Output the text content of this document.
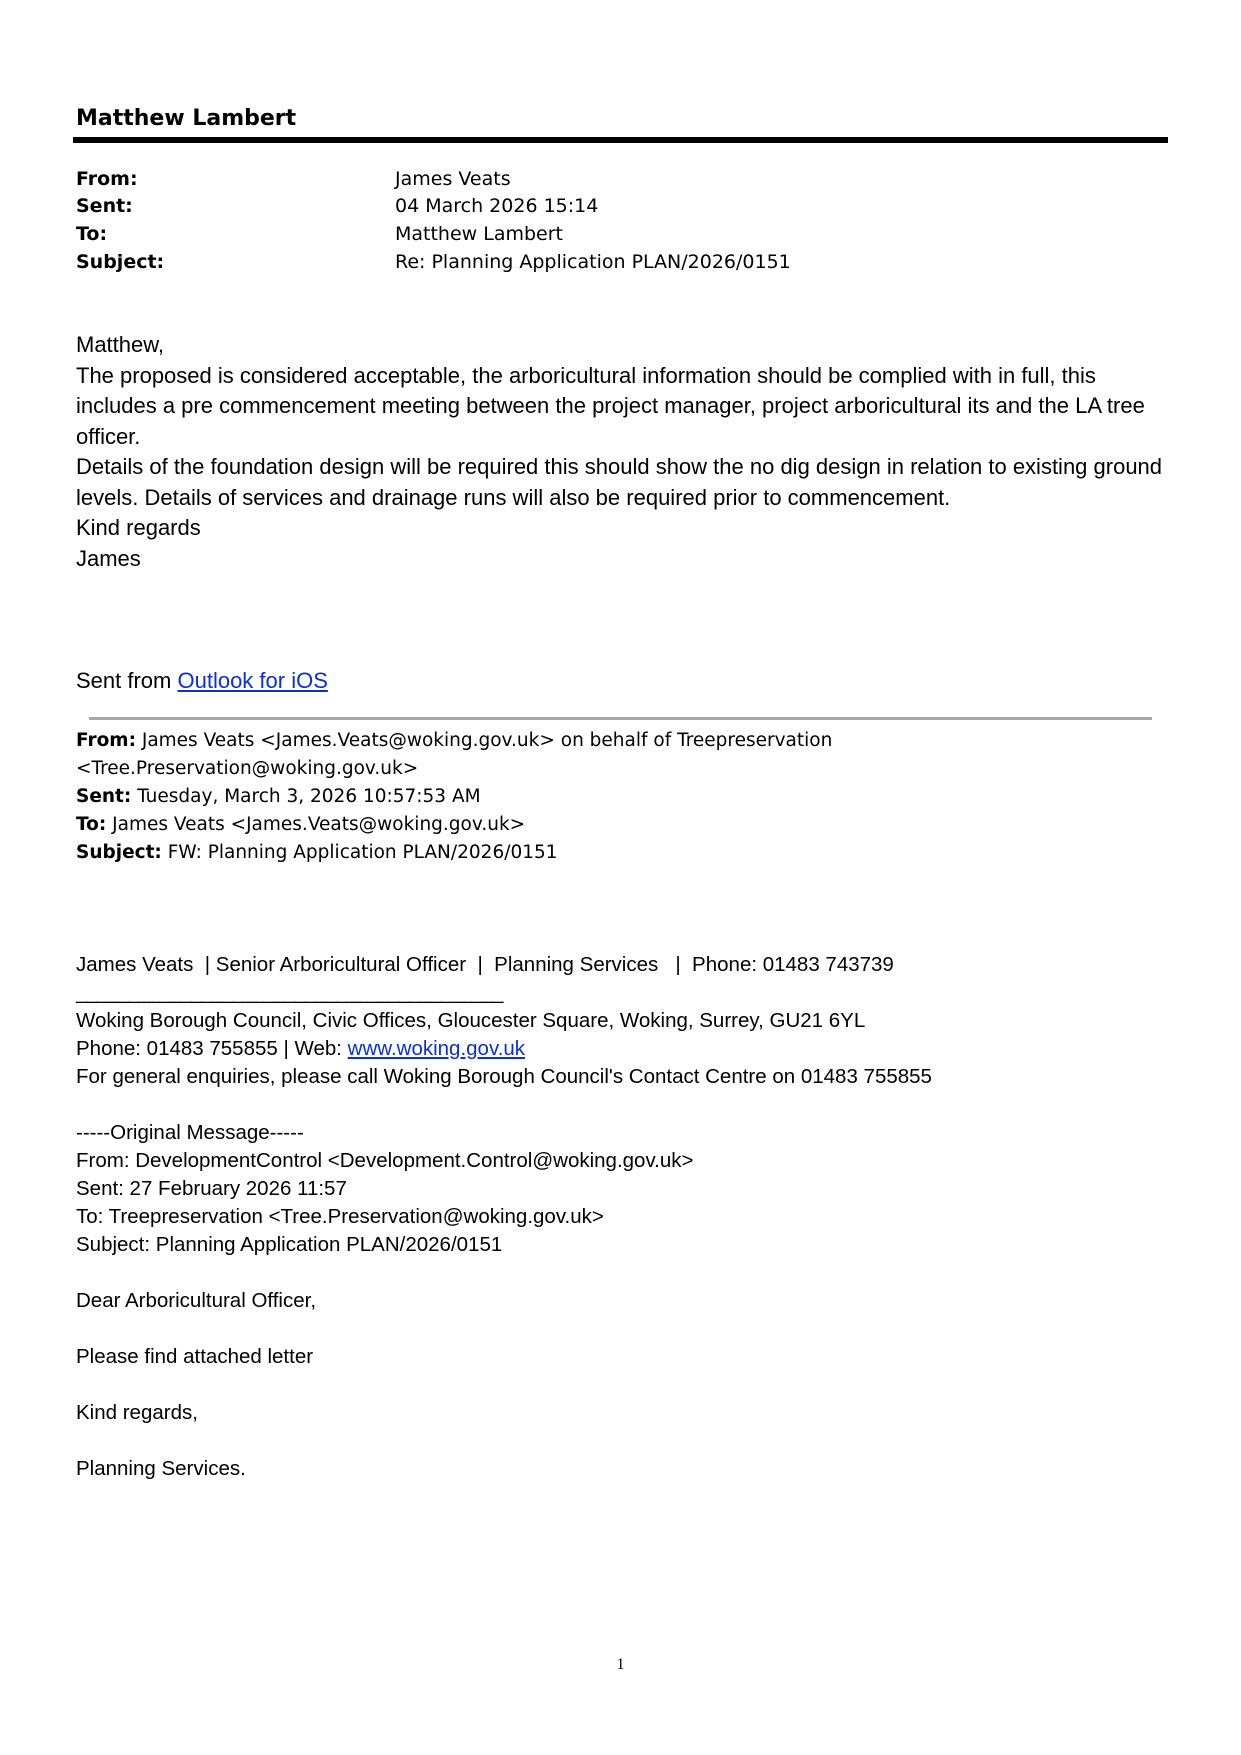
Matthew Lambert
From:	James Veats
Sent:	04 March 2026 15:14
To:	Matthew Lambert
Subject:	Re: Planning Application PLAN/2026/0151

Matthew,

The proposed is considered acceptable, the arboricultural information should be complied with in full, this includes a pre commencement meeting between the project manager, project arboricultural its and the LA tree officer.

Details of the foundation design will be required this should show the no dig design in relation to existing ground levels. Details of services and drainage runs will also be required prior to commencement.

Kind regards

James

Sent from Outlook for iOS
From: James Veats <James.Veats@woking.gov.uk> on behalf of Treepreservation
<Tree.Preservation@woking.gov.uk>
Sent: Tuesday, March 3, 2026 10:57:53 AM
To: James Veats <James.Veats@woking.gov.uk>
Subject: FW: Planning Application PLAN/2026/0151
James Veats  | Senior Arboricultural Officer  |  Planning Services   |  Phone: 01483 743739
_________________________________________
Woking Borough Council, Civic Offices, Gloucester Square, Woking, Surrey, GU21 6YL
Phone: 01483 755855 | Web: www.woking.gov.uk
For general enquiries, please call Woking Borough Council's Contact Centre on 01483 755855
-----Original Message-----
From: DevelopmentControl <Development.Control@woking.gov.uk>
Sent: 27 February 2026 11:57
To: Treepreservation <Tree.Preservation@woking.gov.uk>
Subject: Planning Application PLAN/2026/0151
Dear Arboricultural Officer,
Please find attached letter
Kind regards,
Planning Services.
1
